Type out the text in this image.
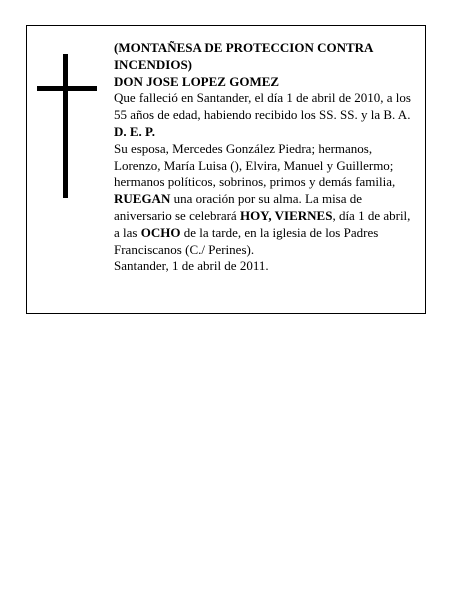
(MONTAÑESA DE PROTECCION CONTRA INCENDIOS)

DON JOSE LOPEZ GOMEZ

Que falleció en Santander, el día 1 de abril de 2010, a los 55 años de edad, habiendo recibido los SS. SS. y la B. A.

D. E. P.

Su esposa, Mercedes González Piedra; hermanos, Lorenzo, María Luisa (), Elvira, Manuel y Guillermo; hermanos políticos, sobrinos, primos y demás familia, RUEGAN una oración por su alma. La misa de aniversario se celebrará HOY, VIERNES, día 1 de abril, a las OCHO de la tarde, en la iglesia de los Padres Franciscanos (C./ Perines).

Santander, 1 de abril de 2011.
